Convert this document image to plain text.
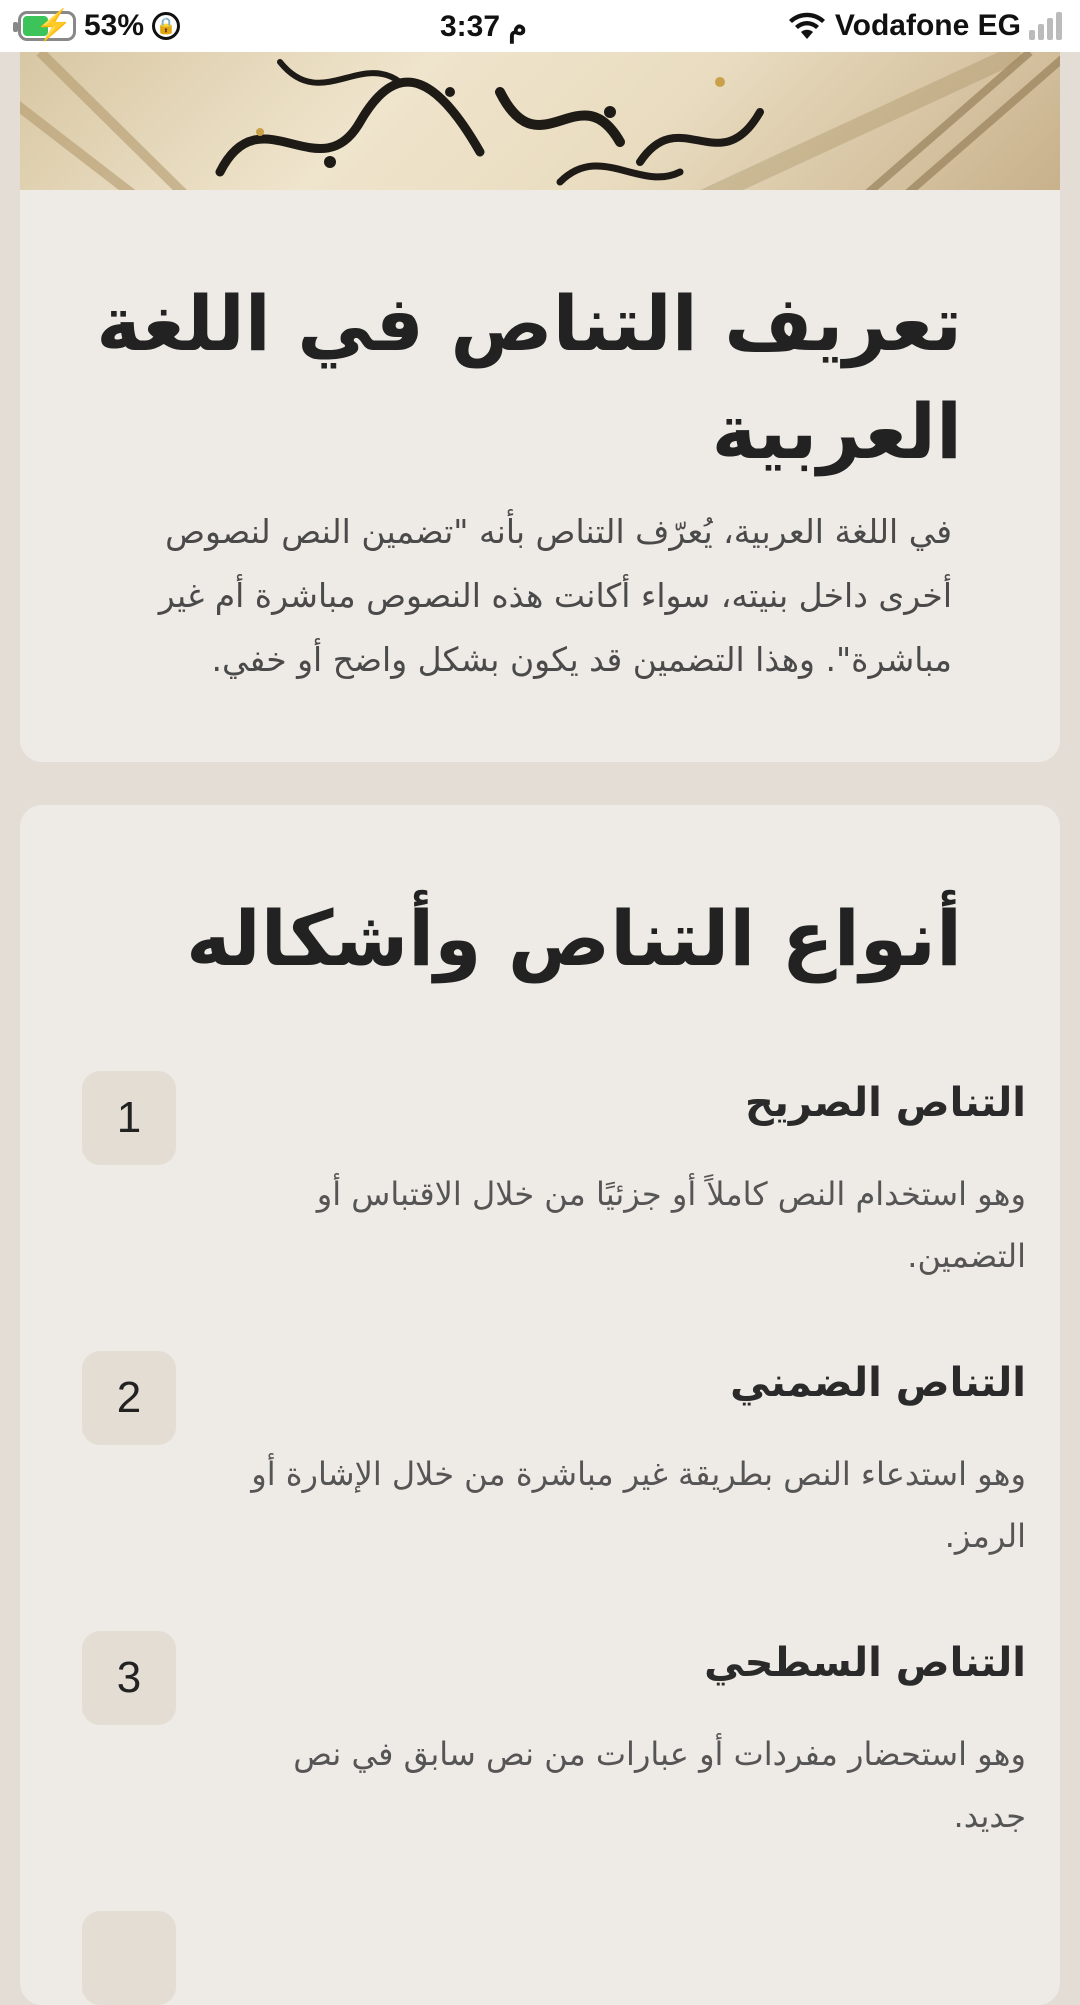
⚡ 53% 🔒	3:37 م	Vodafone EG
تعريف التناص في اللغة العربية

في اللغة العربية، يُعرّف التناص بأنه "تضمين النص لنصوص أخرى داخل بنيته، سواء أكانت هذه النصوص مباشرة أم غير مباشرة". وهذا التضمين قد يكون بشكل واضح أو خفي.

أنواع التناص وأشكاله
1	التناص الصريح
وهو استخدام النص كاملاً أو جزئيًا من خلال الاقتباس أو التضمين.
2	التناص الضمني
وهو استدعاء النص بطريقة غير مباشرة من خلال الإشارة أو الرمز.
3	التناص السطحي
وهو استحضار مفردات أو عبارات من نص سابق في نص جديد.
